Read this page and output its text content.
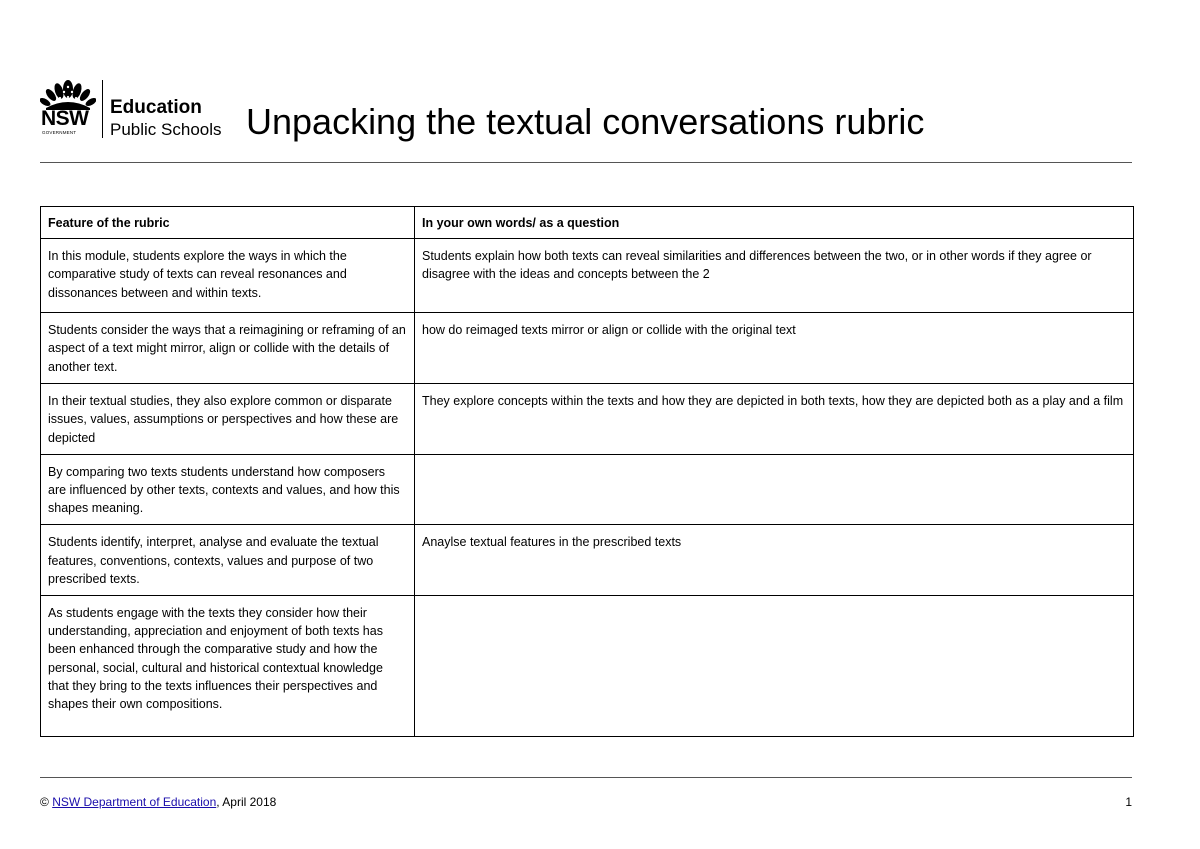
NSW
GOVERNMENT
Education
Public Schools Unpacking the textual conversations rubric
Feature of the rubric	In your own words/ as a question
In this module, students explore the ways in which the comparative study of texts can reveal resonances and dissonances between and within texts.	Students explain how both texts can reveal similarities and differences between the two, or in other words if they agree or disagree with the ideas and concepts between the 2
Students consider the ways that a reimagining or reframing of an aspect of a text might mirror, align or collide with the details of another text.	how do reimaged texts mirror or align or collide with the original text
In their textual studies, they also explore common or disparate issues, values, assumptions or perspectives and how these are depicted	They explore concepts within the texts and how they are depicted in both texts, how they are depicted both as a play and a film
By comparing two texts students understand how composers are influenced by other texts, contexts and values, and how this shapes meaning.	
Students identify, interpret, analyse and evaluate the textual features, conventions, contexts, values and purpose of two prescribed texts.	Anaylse textual features in the prescribed texts
As students engage with the texts they consider how their understanding, appreciation and enjoyment of both texts has been enhanced through the comparative study and how the personal, social, cultural and historical contextual knowledge that they bring to the texts influences their perspectives and shapes their own compositions.	
© NSW Department of Education, April 2018	1
